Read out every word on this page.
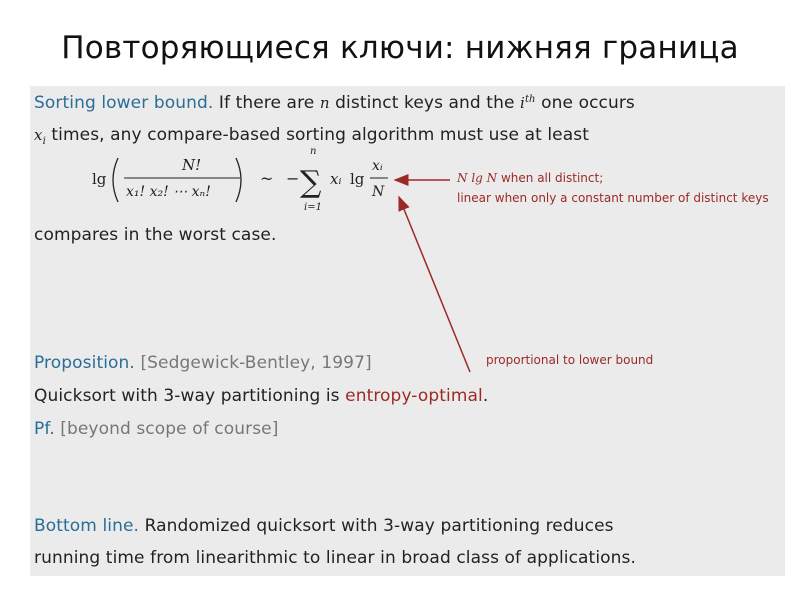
Повторяющиеся ключи: нижняя граница
Sorting lower bound. If there are n distinct keys and the $i^{th}$ one occurs
$x_i$ times, any compare-based sorting algorithm must use at least
lg
N!
x₁! x₂! ⋯ xₙ!
~ −
n
∑
i=1
xᵢ lg
xᵢ
N
N lg N when all distinct;
linear when only a constant number of distinct keys
compares in the worst case.
proportional to lower bound
Proposition. [Sedgewick-Bentley, 1997]
Quicksort with 3-way partitioning is entropy-optimal.
Pf. [beyond scope of course]
Bottom line. Randomized quicksort with 3-way partitioning reduces
running time from linearithmic to linear in broad class of applications.
